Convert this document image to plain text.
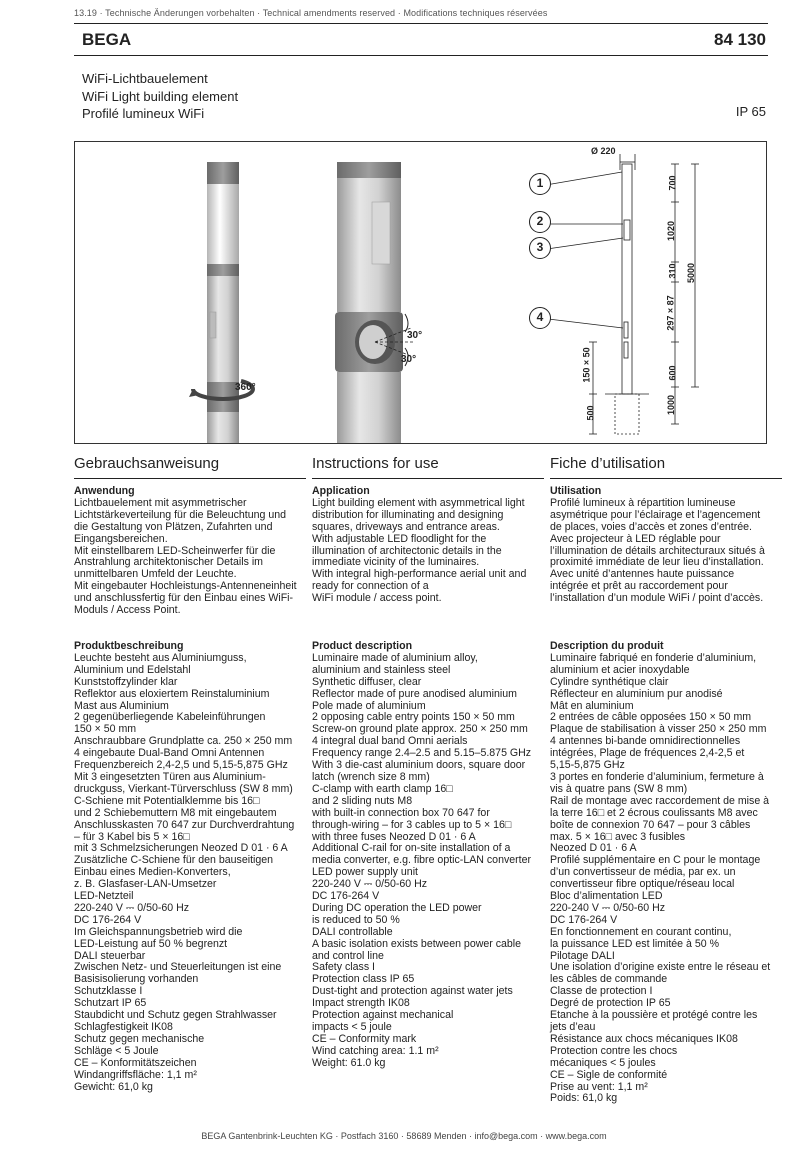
13.19 · Technische Änderungen vorbehalten · Technical amendments reserved · Modifications techniques réservées
BEGA	84 130
WiFi-Lichtbauelement
WiFi Light building element
Profilé lumineux WiFi	IP 65
360°
30°
30°
1
2
3
4
Ø 220
700
1020
310 5000
297 × 87
600
1000
500
150 × 50
Gebrauchsanweisung	Instructions for use	Fiche d’utilisation
Anwendung
Lichtbauelement mit asymmetrischer
Lichtstärkeverteilung für die Beleuchtung und
die Gestaltung von Plätzen, Zufahrten und
Eingangsbereichen.
Mit einstellbarem LED-Scheinwerfer für die
Anstrahlung architektonischer Details im
unmittelbaren Umfeld der Leuchte.
Mit eingebauter Hochleistungs-Antenneneinheit
und anschlussfertig für den Einbau eines WiFi-
Moduls / Access Point.
Application
Light building element with asymmetrical light
distribution for illuminating and designing
squares, driveways and entrance areas.
With adjustable LED floodlight for the
illumination of architectonic details in the
immediate vicinity of the luminaires.
With integral high-performance aerial unit and
ready for connection of a
WiFi module / access point.
Utilisation
Profilé lumineux à répartition lumineuse
asymétrique pour l’éclairage et l’agencement
de places, voies d’accès et zones d’entrée.
Avec projecteur à LED réglable pour
l’illumination de détails architecturaux situés à
proximité immédiate de leur lieu d’installation.
Avec unité d’antennes haute puissance
intégrée et prêt au raccordement pour
l’installation d’un module WiFi / point d’accès.
Produktbeschreibung
Leuchte besteht aus Aluminiumguss,
Aluminium und Edelstahl
Kunststoffzylinder klar
Reflektor aus eloxiertem Reinstaluminium
Mast aus Aluminium
2 gegenüberliegende Kabeleinführungen
150 × 50 mm
Anschraubbare Grundplatte ca. 250 × 250 mm
4 eingebaute Dual-Band Omni Antennen
Frequenzbereich 2,4-2,5 und 5,15-5,875 GHz
Mit 3 eingesetzten Türen aus Aluminium-
druckguss, Vierkant-Türverschluss (SW 8 mm)
C-Schiene mit Potentialklemme bis 16□
und 2 Schiebemuttern M8 mit eingebautem
Anschlusskasten 70 647 zur Durchverdrahtung
– für 3 Kabel bis 5 × 16□
mit 3 Schmelzsicherungen Neozed D 01 · 6 A
Zusätzliche C-Schiene für den bauseitigen
Einbau eines Medien-Konverters,
z. B. Glasfaser-LAN-Umsetzer
LED-Netzteil
220-240 V ⎓ 0/50-60 Hz
DC 176-264 V
Im Gleichspannungsbetrieb wird die
LED-Leistung auf 50 % begrenzt
DALI steuerbar
Zwischen Netz- und Steuerleitungen ist eine
Basisisolierung vorhanden
Schutzklasse I
Schutzart IP 65
Staubdicht und Schutz gegen Strahlwasser
Schlagfestigkeit IK08
Schutz gegen mechanische
Schläge < 5 Joule
CE – Konformitätszeichen
Windangriffsfläche: 1,1 m²
Gewicht: 61,0 kg
Product description
Luminaire made of aluminium alloy,
aluminium and stainless steel
Synthetic diffuser, clear
Reflector made of pure anodised aluminium
Pole made of aluminium
2 opposing cable entry points 150 × 50 mm
Screw-on ground plate approx. 250 × 250 mm
4 integral dual band Omni aerials
Frequency range 2.4–2.5 and 5.15–5.875 GHz
With 3 die-cast aluminium doors, square door
latch (wrench size 8 mm)
C-clamp with earth clamp 16□
and 2 sliding nuts M8
with built-in connection box 70 647 for
through-wiring – for 3 cables up to 5 × 16□
with three fuses Neozed D 01 · 6 A
Additional C-rail for on-site installation of a
media converter, e.g. fibre optic-LAN converter
LED power supply unit
220-240 V ⎓ 0/50-60 Hz
DC 176-264 V
During DC operation the LED power
is reduced to 50 %
DALI controllable
A basic isolation exists between power cable
and control line
Safety class I
Protection class IP 65
Dust-tight and protection against water jets
Impact strength IK08
Protection against mechanical
impacts < 5 joule
CE – Conformity mark
Wind catching area: 1.1 m²
Weight: 61.0 kg
Description du produit
Luminaire fabriqué en fonderie d’aluminium,
aluminium et acier inoxydable
Cylindre synthétique clair
Réflecteur en aluminium pur anodisé
Mât en aluminium
2 entrées de câble opposées 150 × 50 mm
Plaque de stabilisation à visser 250 × 250 mm
4 antennes bi-bande omnidirectionnelles
intégrées, Plage de fréquences 2,4-2,5 et
5,15-5,875 GHz
3 portes en fonderie d’aluminium, fermeture à
vis à quatre pans (SW 8 mm)
Rail de montage avec raccordement de mise à
la terre 16□ et 2 écrous coulissants M8 avec
boîte de connexion 70 647 – pour 3 câbles
max. 5 × 16□ avec 3 fusibles
Neozed D 01 · 6 A
Profilé supplémentaire en C pour le montage
d’un convertisseur de média, par ex. un
convertisseur fibre optique/réseau local
Bloc d’alimentation LED
220-240 V ⎓ 0/50-60 Hz
DC 176-264 V
En fonctionnement en courant continu,
la puissance LED est limitée à 50 %
Pilotage DALI
Une isolation d’origine existe entre le réseau et
les câbles de commande
Classe de protection I
Degré de protection IP 65
Etanche à la poussière et protégé contre les
jets d’eau
Résistance aux chocs mécaniques IK08
Protection contre les chocs
mécaniques < 5 joules
CE – Sigle de conformité
Prise au vent: 1,1 m²
Poids: 61,0 kg
BEGA Gantenbrink-Leuchten KG · Postfach 3160 · 58689 Menden · info@bega.com · www.bega.com
